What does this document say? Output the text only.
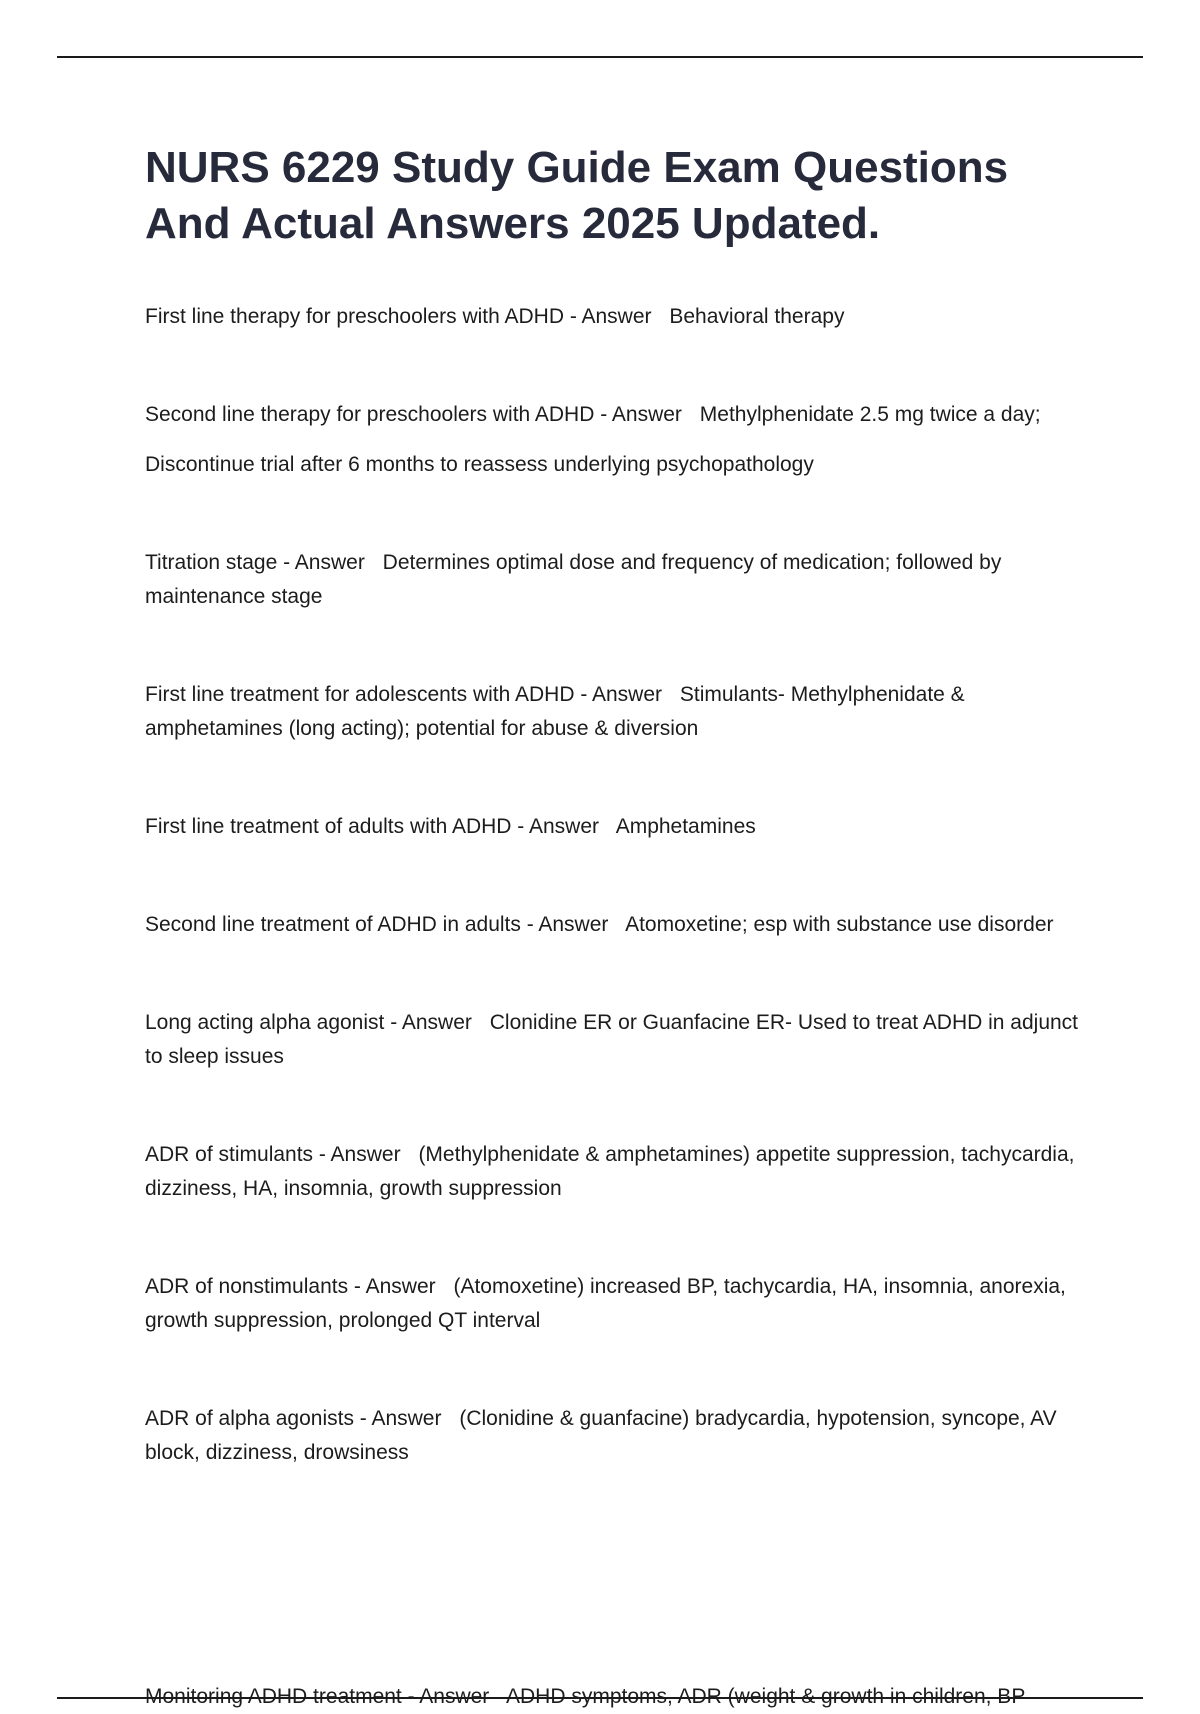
NURS 6229 Study Guide Exam Questions And Actual Answers 2025 Updated.

First line therapy for preschoolers with ADHD - Answer Behavioral therapy

Second line therapy for preschoolers with ADHD - Answer Methylphenidate 2.5 mg twice a day;
Discontinue trial after 6 months to reassess underlying psychopathology

Titration stage - Answer Determines optimal dose and frequency of medication; followed by maintenance stage

First line treatment for adolescents with ADHD - Answer Stimulants- Methylphenidate & amphetamines (long acting); potential for abuse & diversion

First line treatment of adults with ADHD - Answer Amphetamines

Second line treatment of ADHD in adults - Answer Atomoxetine; esp with substance use disorder

Long acting alpha agonist - Answer Clonidine ER or Guanfacine ER- Used to treat ADHD in adjunct to sleep issues

ADR of stimulants - Answer (Methylphenidate & amphetamines) appetite suppression, tachycardia, dizziness, HA, insomnia, growth suppression

ADR of nonstimulants - Answer (Atomoxetine) increased BP, tachycardia, HA, insomnia, anorexia, growth suppression, prolonged QT interval

ADR of alpha agonists - Answer (Clonidine & guanfacine) bradycardia, hypotension, syncope, AV block, dizziness, drowsiness

Monitoring ADHD treatment - Answer ADHD symptoms, ADR (weight & growth in children, BP
